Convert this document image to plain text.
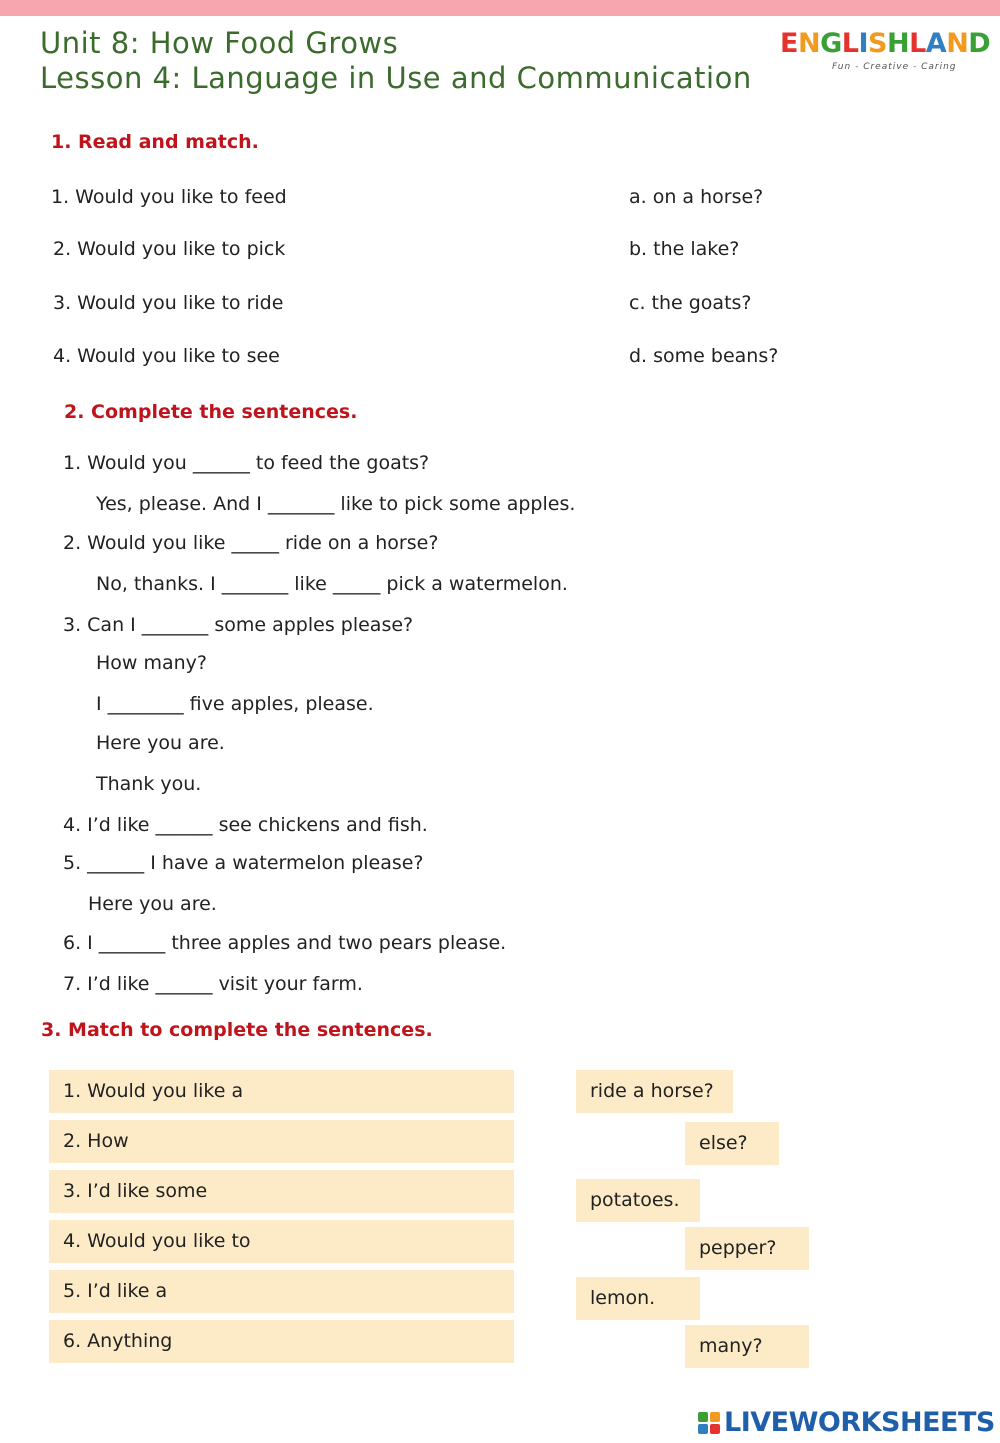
Unit 8: How Food Grows
Lesson 4: Language in Use and Communication
ENGLISHLAND
Fun - Creative - Caring
1. Read and match.
1. Would you like to feed
2. Would you like to pick
3. Would you like to ride
4. Would you like to see
a. on a horse?
b. the lake?
c. the goats?
d. some beans?
2. Complete the sentences.
1. Would you ______ to feed the goats?
Yes, please. And I _______ like to pick some apples.
2. Would you like _____ ride on a horse?
No, thanks. I _______ like _____ pick a watermelon.
3. Can I _______ some apples please?
How many?
I ________ five apples, please.
Here you are.
Thank you.
4. I’d like ______ see chickens and fish.
5. ______ I have a watermelon please?
Here you are.
6. I _______ three apples and two pears please.
7. I’d like ______ visit your farm.
3. Match to complete the sentences.
1. Would you like a
2. How
3. I’d like some
4. Would you like to
5. I’d like a
6. Anything
ride a horse?
else?
potatoes.
pepper?
lemon.
many?
LIVEWORKSHEETS
